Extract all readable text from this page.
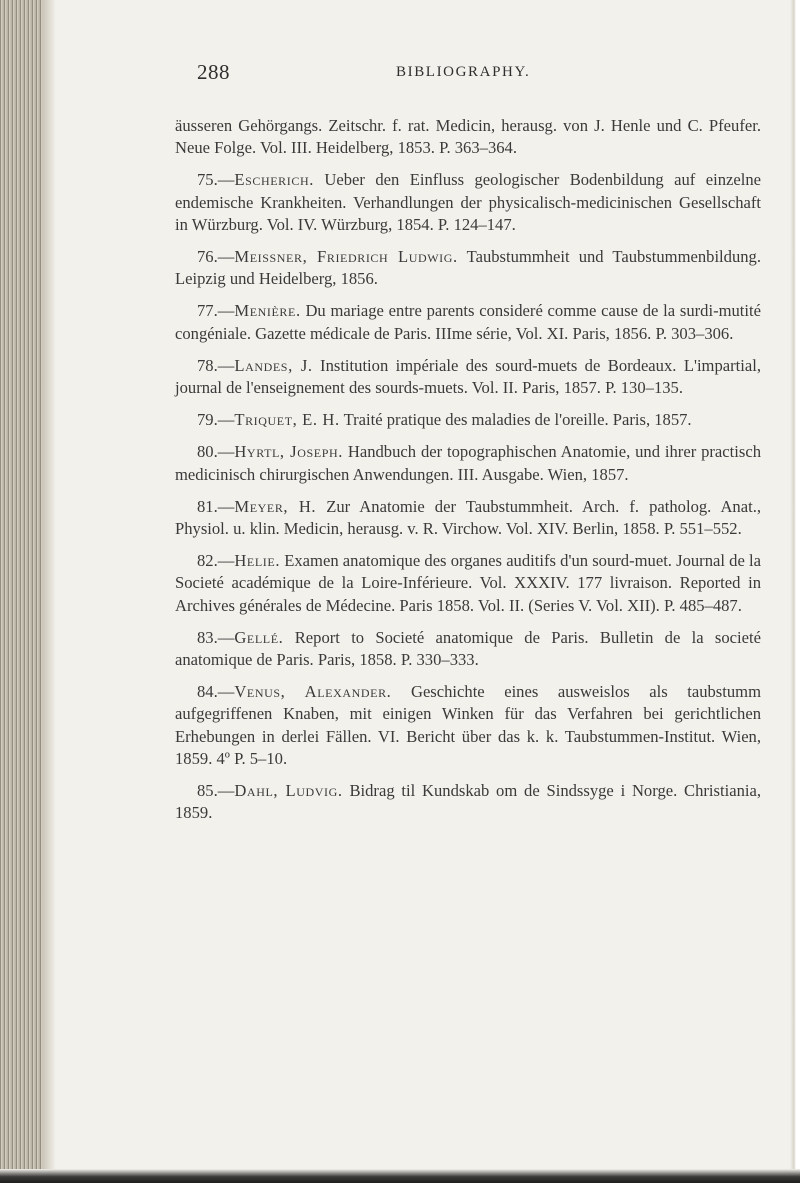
288	BIBLIOGRAPHY.

äusseren Gehörgangs. Zeitschr. f. rat. Medicin, herausg. von J. Henle und C. Pfeufer. Neue Folge. Vol. III. Heidelberg, 1853. P. 363–364.

75.—Escherich. Ueber den Einfluss geologischer Bodenbildung auf einzelne endemische Krankheiten. Verhandlungen der physicalisch-medicinischen Gesellschaft in Würzburg. Vol. IV. Würzburg, 1854. P. 124–147.

76.—Meissner, Friedrich Ludwig. Taubstummheit und Taubstummenbildung. Leipzig und Heidelberg, 1856.

77.—Menière. Du mariage entre parents consideré comme cause de la surdi-mutité congéniale. Gazette médicale de Paris. IIIme série, Vol. XI. Paris, 1856. P. 303–306.

78.—Landes, J. Institution impériale des sourd-muets de Bordeaux. L'impartial, journal de l'enseignement des sourds-muets. Vol. II. Paris, 1857. P. 130–135.

79.—Triquet, E. H. Traité pratique des maladies de l'oreille. Paris, 1857.

80.—Hyrtl, Joseph. Handbuch der topographischen Anatomie, und ihrer practisch medicinisch chirurgischen Anwendungen. III. Ausgabe. Wien, 1857.

81.—Meyer, H. Zur Anatomie der Taubstummheit. Arch. f. patholog. Anat., Physiol. u. klin. Medicin, herausg. v. R. Virchow. Vol. XIV. Berlin, 1858. P. 551–552.

82.—Helie. Examen anatomique des organes auditifs d'un sourd-muet. Journal de la Societé académique de la Loire-Inférieure. Vol. XXXIV. 177 livraison. Reported in Archives générales de Médecine. Paris 1858. Vol. II. (Series V. Vol. XII). P. 485–487.

83.—Gellé. Report to Societé anatomique de Paris. Bulletin de la societé anatomique de Paris. Paris, 1858. P. 330–333.

84.—Venus, Alexander. Geschichte eines ausweislos als taubstumm aufgegriffenen Knaben, mit einigen Winken für das Verfahren bei gerichtlichen Erhebungen in derlei Fällen. VI. Bericht über das k. k. Taubstummen-Institut. Wien, 1859. 4º P. 5–10.

85.—Dahl, Ludvig. Bidrag til Kundskab om de Sindssyge i Norge. Christiania, 1859.
